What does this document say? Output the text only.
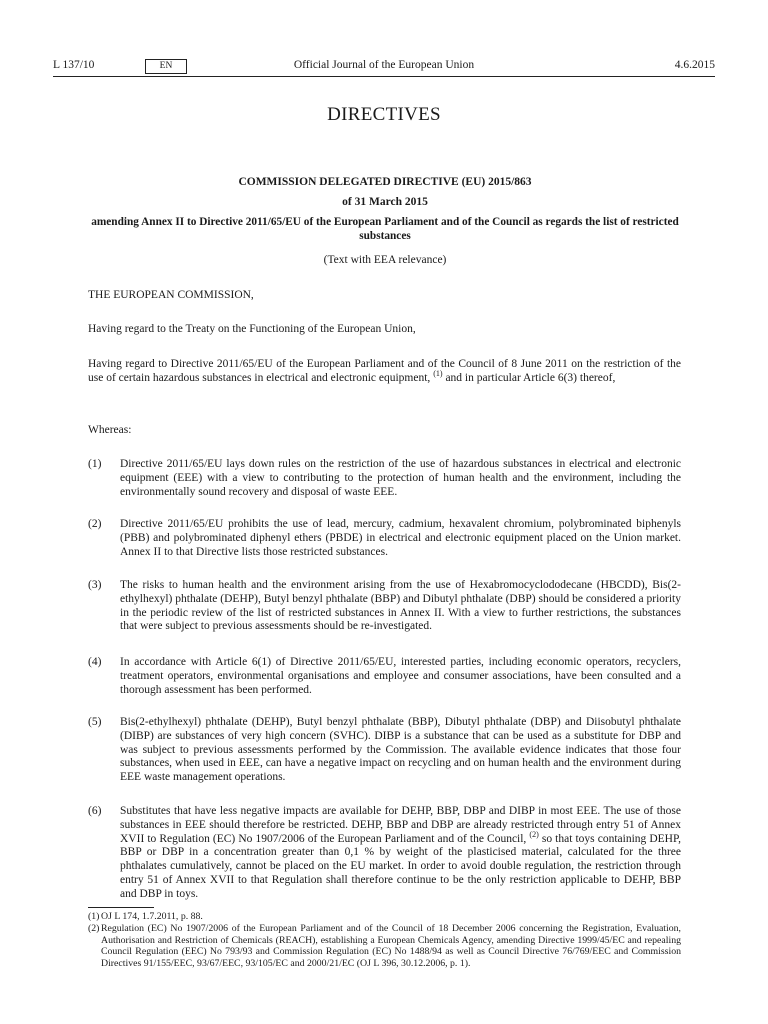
L 137/10	EN	Official Journal of the European Union	4.6.2015
DIRECTIVES
COMMISSION DELEGATED DIRECTIVE (EU) 2015/863
of 31 March 2015
amending Annex II to Directive 2011/65/EU of the European Parliament and of the Council as regards the list of restricted substances
(Text with EEA relevance)
THE EUROPEAN COMMISSION,
Having regard to the Treaty on the Functioning of the European Union,
Having regard to Directive 2011/65/EU of the European Parliament and of the Council of 8 June 2011 on the restriction of the use of certain hazardous substances in electrical and electronic equipment, $^{(1)}$ and in particular Article 6(3) thereof,
Whereas:
(1) Directive 2011/65/EU lays down rules on the restriction of the use of hazardous substances in electrical and electronic equipment (EEE) with a view to contributing to the protection of human health and the environment, including the environmentally sound recovery and disposal of waste EEE.
(2) Directive 2011/65/EU prohibits the use of lead, mercury, cadmium, hexavalent chromium, polybrominated biphenyls (PBB) and polybrominated diphenyl ethers (PBDE) in electrical and electronic equipment placed on the Union market. Annex II to that Directive lists those restricted substances.
(3) The risks to human health and the environment arising from the use of Hexabromocyclododecane (HBCDD), Bis(2-ethylhexyl) phthalate (DEHP), Butyl benzyl phthalate (BBP) and Dibutyl phthalate (DBP) should be considered a priority in the periodic review of the list of restricted substances in Annex II. With a view to further restrictions, the substances that were subject to previous assessments should be re-investigated.
(4) In accordance with Article 6(1) of Directive 2011/65/EU, interested parties, including economic operators, recyclers, treatment operators, environmental organisations and employee and consumer associations, have been consulted and a thorough assessment has been performed.
(5) Bis(2-ethylhexyl) phthalate (DEHP), Butyl benzyl phthalate (BBP), Dibutyl phthalate (DBP) and Diisobutyl phthalate (DIBP) are substances of very high concern (SVHC). DIBP is a substance that can be used as a substitute for DBP and was subject to previous assessments performed by the Commission. The available evidence indicates that those four substances, when used in EEE, can have a negative impact on recycling and on human health and the environment during EEE waste management operations.
(6) Substitutes that have less negative impacts are available for DEHP, BBP, DBP and DIBP in most EEE. The use of those substances in EEE should therefore be restricted. DEHP, BBP and DBP are already restricted through entry 51 of Annex XVII to Regulation (EC) No 1907/2006 of the European Parliament and of the Council, $^{(2)}$ so that toys containing DEHP, BBP or DBP in a concentration greater than 0,1 % by weight of the plasticised material, calculated for the three phthalates cumulatively, cannot be placed on the EU market. In order to avoid double regulation, the restriction through entry 51 of Annex XVII to that Regulation shall therefore continue to be the only restriction applicable to DEHP, BBP and DBP in toys.
(1) OJ L 174, 1.7.2011, p. 88.
(2) Regulation (EC) No 1907/2006 of the European Parliament and of the Council of 18 December 2006 concerning the Registration, Evaluation, Authorisation and Restriction of Chemicals (REACH), establishing a European Chemicals Agency, amending Directive 1999/45/EC and repealing Council Regulation (EEC) No 793/93 and Commission Regulation (EC) No 1488/94 as well as Council Directive 76/769/EEC and Commission Directives 91/155/EEC, 93/67/EEC, 93/105/EC and 2000/21/EC (OJ L 396, 30.12.2006, p. 1).
